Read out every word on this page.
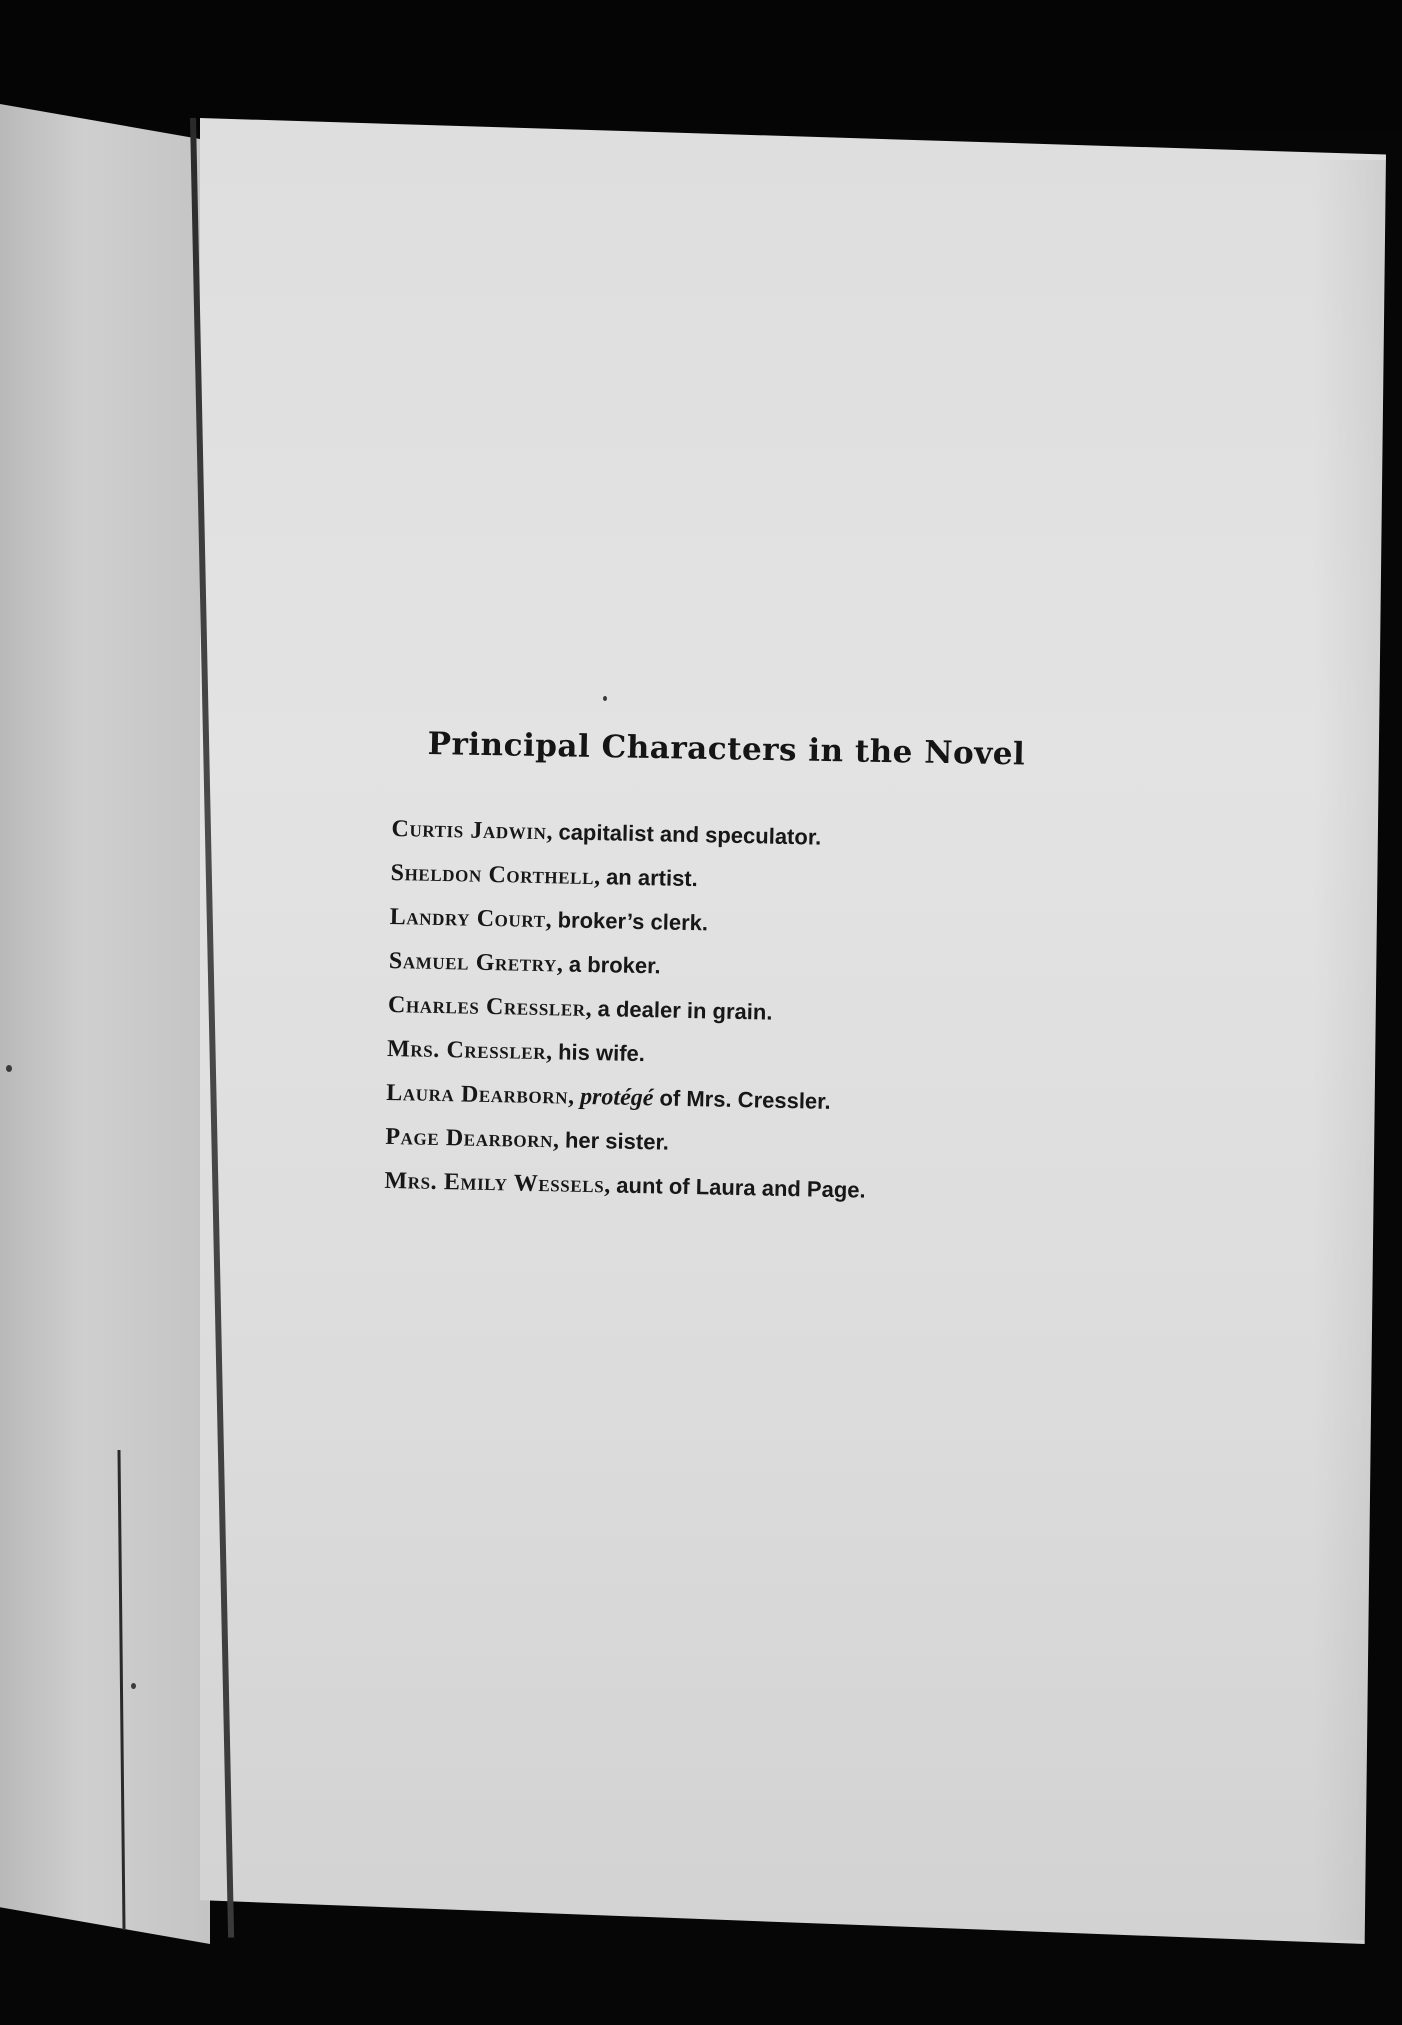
Principal Characters in the Novel
Curtis Jadwin, capitalist and speculator.
Sheldon Corthell, an artist.
Landry Court, broker’s clerk.
Samuel Gretry, a broker.
Charles Cressler, a dealer in grain.
Mrs. Cressler, his wife.
Laura Dearborn, protégé of Mrs. Cressler.
Page Dearborn, her sister.
Mrs. Emily Wessels, aunt of Laura and Page.
